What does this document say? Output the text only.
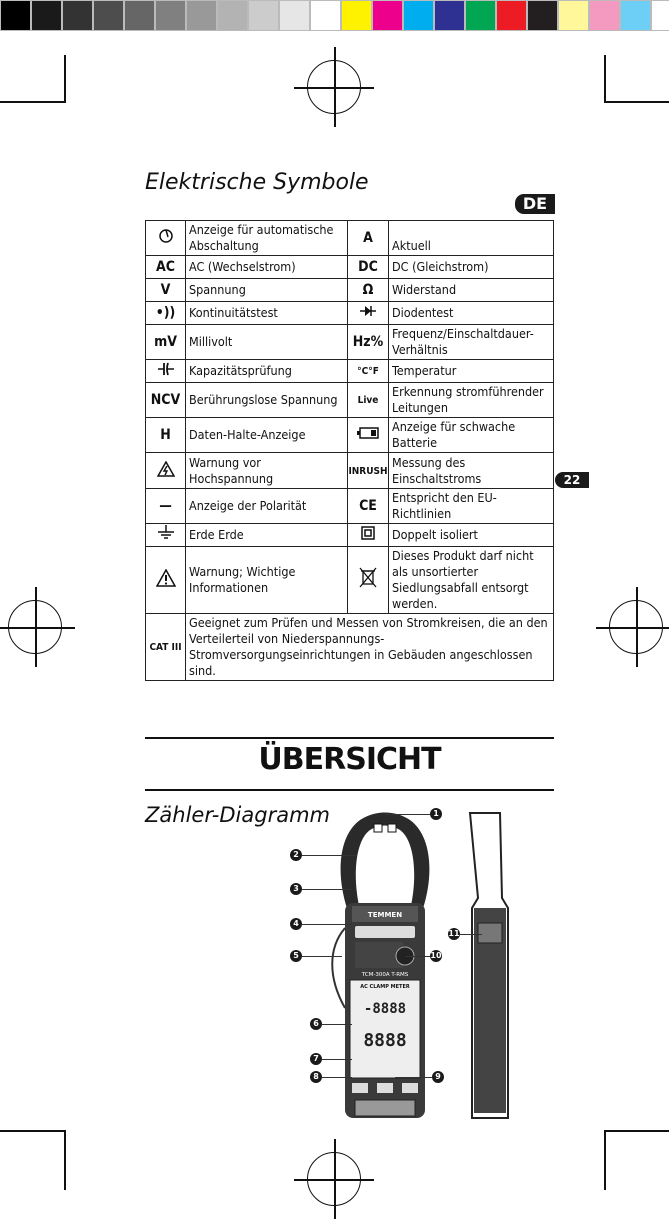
Elektrische Symbole
DE
22
	Anzeige für automatische Abschaltung	A	Aktuell
AC	AC (Wechselstrom)	DC	DC (Gleichstrom)
V	Spannung	Ω	Widerstand
•))	Kontinuitätstest		Diodentest
mV	Millivolt	Hz%	Frequenz/Einschaltdauer-Verhältnis
	Kapazitätsprüfung	°C°F	Temperatur
NCV	Berührungslose Spannung	Live	Erkennung stromführender Leitungen
H	Daten-Halte-Anzeige		Anzeige für schwache Batterie
	Warnung vor Hochspannung	INRUSH	Messung des Einschaltstroms
—	Anzeige der Polarität	CE	Entspricht den EU-Richtlinien
	Erde Erde		Doppelt isoliert
	Warnung; Wichtige Informationen		Dieses Produkt darf nicht als unsortierter Siedlungsabfall entsorgt werden.
CAT III	Geeignet zum Prüfen und Messen von Stromkreisen, die an den Verteilerteil von Niederspannungs-Stromversorgungseinrichtungen in Gebäuden angeschlossen sind.		
ÜBERSICHT
Zähler-Diagramm
TEMMEN
TCM-300A T-RMS
AC CLAMP METER
-8888
8888
1
2
3
4
5
6
7
8	9
10
11
